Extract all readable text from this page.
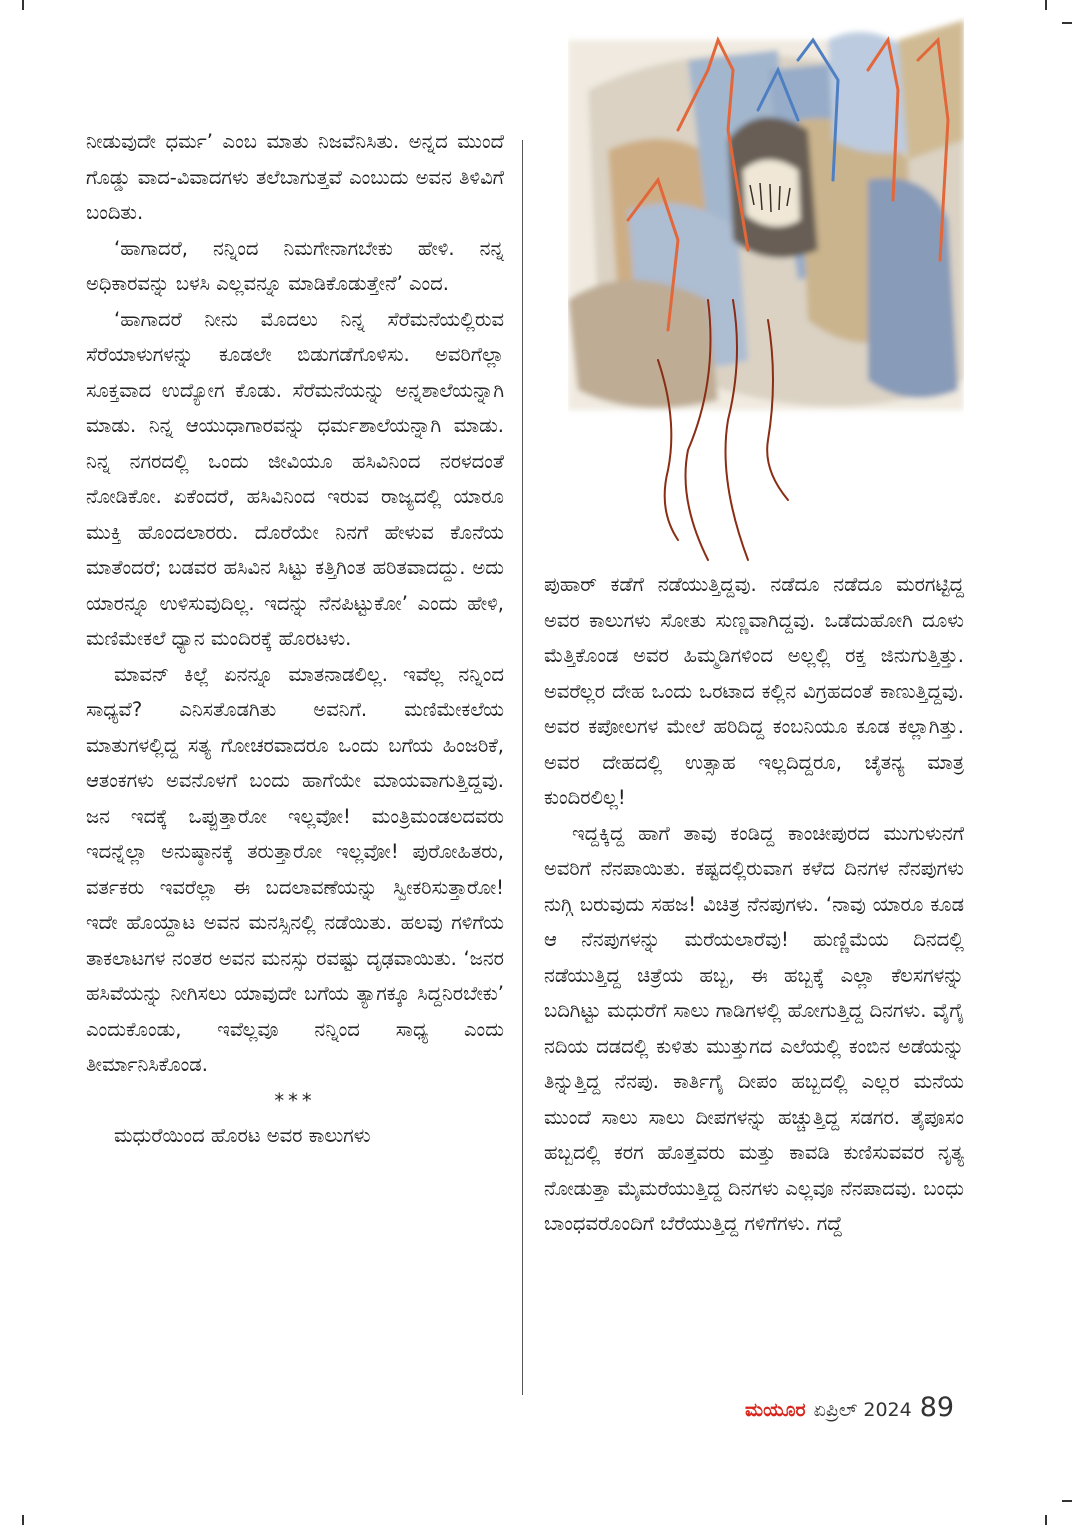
ನೀಡುವುದೇ ಧರ್ಮ’ ಎಂಬ ಮಾತು ನಿಜವೆನಿಸಿತು. ಅನ್ನದ ಮುಂದೆ ಗೊಡ್ಡು ವಾದ-ವಿವಾದಗಳು ತಲೆಬಾಗುತ್ತವೆ ಎಂಬುದು ಅವನ ತಿಳಿವಿಗೆ ಬಂದಿತು.

‘ಹಾಗಾದರೆ, ನನ್ನಿಂದ ನಿಮಗೇನಾಗಬೇಕು ಹೇಳಿ. ನನ್ನ ಅಧಿಕಾರವನ್ನು ಬಳಸಿ ಎಲ್ಲವನ್ನೂ ಮಾಡಿಕೊಡುತ್ತೇನೆ’ ಎಂದ.

‘ಹಾಗಾದರೆ ನೀನು ಮೊದಲು ನಿನ್ನ ಸೆರೆಮನೆಯಲ್ಲಿರುವ ಸೆರೆಯಾಳುಗಳನ್ನು ಕೂಡಲೇ ಬಿಡುಗಡೆಗೊಳಿಸು. ಅವರಿಗೆಲ್ಲಾ ಸೂಕ್ತವಾದ ಉದ್ಯೋಗ ಕೊಡು. ಸೆರೆಮನೆಯನ್ನು ಅನ್ನಶಾಲೆಯನ್ನಾಗಿ ಮಾಡು. ನಿನ್ನ ಆಯುಧಾಗಾರವನ್ನು ಧರ್ಮಶಾಲೆಯನ್ನಾಗಿ ಮಾಡು. ನಿನ್ನ ನಗರದಲ್ಲಿ ಒಂದು ಜೀವಿಯೂ ಹಸಿವಿನಿಂದ ನರಳದಂತೆ ನೋಡಿಕೋ. ಏಕೆಂದರೆ, ಹಸಿವಿನಿಂದ ಇರುವ ರಾಜ್ಯದಲ್ಲಿ ಯಾರೂ ಮುಕ್ತಿ ಹೊಂದಲಾರರು. ದೊರೆಯೇ ನಿನಗೆ ಹೇಳುವ ಕೊನೆಯ ಮಾತೆಂದರೆ; ಬಡವರ ಹಸಿವಿನ ಸಿಟ್ಟು ಕತ್ತಿಗಿಂತ ಹರಿತವಾದದ್ದು. ಅದು ಯಾರನ್ನೂ ಉಳಿಸುವುದಿಲ್ಲ. ಇದನ್ನು ನೆನಪಿಟ್ಟುಕೋ’ ಎಂದು ಹೇಳಿ, ಮಣಿಮೇಕಲೆ ಧ್ಯಾನ ಮಂದಿರಕ್ಕೆ ಹೊರಟಳು.

ಮಾವನ್ ಕಿಲ್ಲೆ ಏನನ್ನೂ ಮಾತನಾಡಲಿಲ್ಲ. ಇವೆಲ್ಲ ನನ್ನಿಂದ ಸಾಧ್ಯವೆ? ಎನಿಸತೊಡಗಿತು ಅವನಿಗೆ. ಮಣಿಮೇಕಲೆಯ ಮಾತುಗಳಲ್ಲಿದ್ದ ಸತ್ಯ ಗೋಚರವಾದರೂ ಒಂದು ಬಗೆಯ ಹಿಂಜರಿಕೆ, ಆತಂಕಗಳು ಅವನೊಳಗೆ ಬಂದು ಹಾಗೆಯೇ ಮಾಯವಾಗುತ್ತಿದ್ದವು. ಜನ ಇದಕ್ಕೆ ಒಪ್ಪುತ್ತಾರೋ ಇಲ್ಲವೋ! ಮಂತ್ರಿಮಂಡಲದವರು ಇದನ್ನೆಲ್ಲಾ ಅನುಷ್ಠಾನಕ್ಕೆ ತರುತ್ತಾರೋ ಇಲ್ಲವೋ! ಪುರೋಹಿತರು, ವರ್ತಕರು ಇವರೆಲ್ಲಾ ಈ ಬದಲಾವಣೆಯನ್ನು ಸ್ವೀಕರಿಸುತ್ತಾರೋ! ಇದೇ ಹೊಯ್ದಾಟ ಅವನ ಮನಸ್ಸಿನಲ್ಲಿ ನಡೆಯಿತು. ಹಲವು ಗಳಿಗೆಯ ತಾಕಲಾಟಗಳ ನಂತರ ಅವನ ಮನಸ್ಸು ರವಷ್ಟು ದೃಢವಾಯಿತು. ‘ಜನರ ಹಸಿವೆಯನ್ನು ನೀಗಿಸಲು ಯಾವುದೇ ಬಗೆಯ ತ್ಯಾಗಕ್ಕೂ ಸಿದ್ದನಿರಬೇಕು’ ಎಂದುಕೊಂಡು, ಇವೆಲ್ಲವೂ ನನ್ನಿಂದ ಸಾಧ್ಯ ಎಂದು ತೀರ್ಮಾನಿಸಿಕೊಂಡ.

***

ಮಧುರೆಯಿಂದ ಹೊರಟ ಅವರ ಕಾಲುಗಳು

ಪುಹಾರ್ ಕಡೆಗೆ ನಡೆಯುತ್ತಿದ್ದವು. ನಡೆದೂ ನಡೆದೂ ಮರಗಟ್ಟಿದ್ದ ಅವರ ಕಾಲುಗಳು ಸೋತು ಸುಣ್ಣವಾಗಿದ್ದವು. ಒಡೆದುಹೋಗಿ ದೂಳು ಮೆತ್ತಿಕೊಂಡ ಅವರ ಹಿಮ್ಮಡಿಗಳಿಂದ ಅಲ್ಲಲ್ಲಿ ರಕ್ತ ಜಿನುಗುತ್ತಿತ್ತು. ಅವರೆಲ್ಲರ ದೇಹ ಒಂದು ಒರಟಾದ ಕಲ್ಲಿನ ವಿಗ್ರಹದಂತೆ ಕಾಣುತ್ತಿದ್ದವು. ಅವರ ಕಪೋಲಗಳ ಮೇಲೆ ಹರಿದಿದ್ದ ಕಂಬನಿಯೂ ಕೂಡ ಕಲ್ಲಾಗಿತ್ತು. ಅವರ ದೇಹದಲ್ಲಿ ಉತ್ಸಾಹ ಇಲ್ಲದಿದ್ದರೂ, ಚೈತನ್ಯ ಮಾತ್ರ ಕುಂದಿರಲಿಲ್ಲ!

ಇದ್ದಕ್ಕಿದ್ದ ಹಾಗೆ ತಾವು ಕಂಡಿದ್ದ ಕಾಂಚೀಪುರದ ಮುಗುಳುನಗೆ ಅವರಿಗೆ ನೆನಪಾಯಿತು. ಕಷ್ಟದಲ್ಲಿರುವಾಗ ಕಳೆದ ದಿನಗಳ ನೆನಪುಗಳು ನುಗ್ಗಿ ಬರುವುದು ಸಹಜ! ವಿಚಿತ್ರ ನೆನಪುಗಳು. ‘ನಾವು ಯಾರೂ ಕೂಡ ಆ ನೆನಪುಗಳನ್ನು ಮರೆಯಲಾರೆವು! ಹುಣ್ಣಿಮೆಯ ದಿನದಲ್ಲಿ ನಡೆಯುತ್ತಿದ್ದ ಚಿತ್ರೆಯ ಹಬ್ಬ, ಈ ಹಬ್ಬಕ್ಕೆ ಎಲ್ಲಾ ಕೆಲಸಗಳನ್ನು ಬದಿಗಿಟ್ಟು ಮಧುರೆಗೆ ಸಾಲು ಗಾಡಿಗಳಲ್ಲಿ ಹೋಗುತ್ತಿದ್ದ ದಿನಗಳು. ವೈಗೈ ನದಿಯ ದಡದಲ್ಲಿ ಕುಳಿತು ಮುತ್ತುಗದ ಎಲೆಯಲ್ಲಿ ಕಂಬಿನ ಅಡೆಯನ್ನು ತಿನ್ನುತ್ತಿದ್ದ ನೆನಪು. ಕಾರ್ತಿಗೈ ದೀಪಂ ಹಬ್ಬದಲ್ಲಿ ಎಲ್ಲರ ಮನೆಯ ಮುಂದೆ ಸಾಲು ಸಾಲು ದೀಪಗಳನ್ನು ಹಚ್ಚುತ್ತಿದ್ದ ಸಡಗರ. ತೈಪೂಸಂ ಹಬ್ಬದಲ್ಲಿ ಕರಗ ಹೊತ್ತವರು ಮತ್ತು ಕಾವಡಿ ಕುಣಿಸುವವರ ನೃತ್ಯ ನೋಡುತ್ತಾ ಮೈಮರೆಯುತ್ತಿದ್ದ ದಿನಗಳು ಎಲ್ಲವೂ ನೆನಪಾದವು. ಬಂಧು ಬಾಂಧವರೊಂದಿಗೆ ಬೆರೆಯುತ್ತಿದ್ದ ಗಳಿಗೆಗಳು. ಗದ್ದೆ

ಮಯೂರ ಏಪ್ರಿಲ್ 2024 89
